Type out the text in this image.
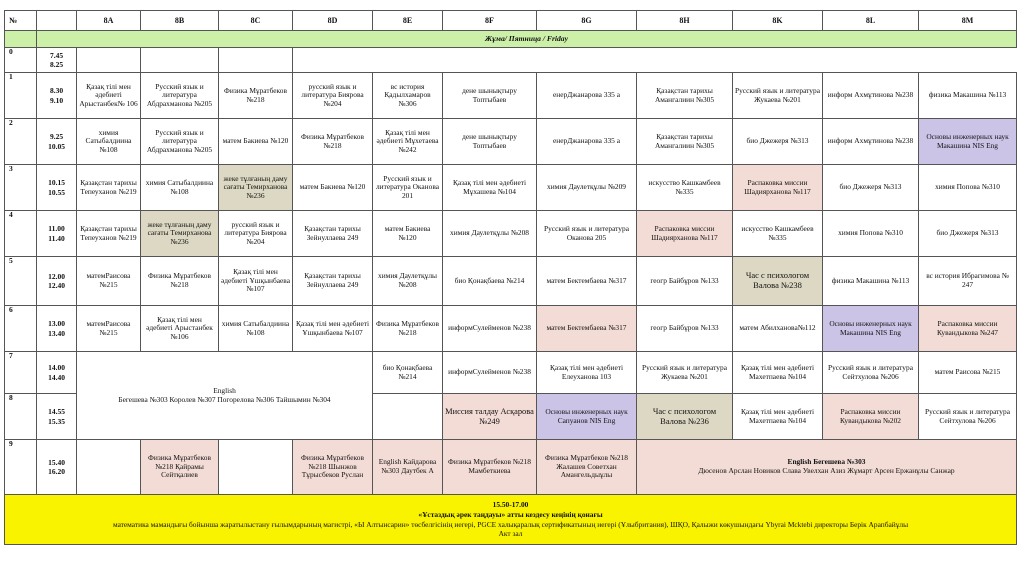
№		8A	8B	8C	8D	8E	8F	8G	8H	8K	8L	8M
	Жұма/ Пятница / Friday											
0	7.45
8.25											
1	8.30
9.10	Қазақ тілі мен әдебиеті Арыстанбек№ 106	Русский язык и литература Абдрахманова №205	Физика Мұратбеков №218	русский язык и литература Биярова №204	вс история Қадылхамаров №306	дене шынықтыру Топтыбаев	енерДжанарова 335 а	Қазақстан тарихы Амангалиин №305	Русский язык и литература Жукаева №201	информ Ахмұтинова №238	физика Макашина №113
2	9.25
10.05	химия Сатыбалдиина №108	Русский язык и литература Абдрахманова №205	матем Бакиева №120	Физика Мұратбеков №218	Қазақ тілі мен әдебиеті Мұхетаева №242	дене шынықтыру Топтыбаев	енерДжанарова 335 а	Қазақстан тарихы Амангалиин №305	био Джежеря №313	информ Ахмұтинова №238	Основы инженерных наук Макашина NIS Eng
3	10.15
10.55	Қазақстан тарихы Тепеуханов №219	химия Сатыбалдиина №108	жеке тұлғаның даму сағаты Темирханова №236	матем Бакиева №120	Русский язык и литература Оканова 201	Қазақ тілі мен әдебиеті Мұхашева №104	химия Даулетқұлы №209	искусство Кашкамбеев №335	Распаковка миссии Шадиярханова №117	био Джежеря №313	химия Попова №310
4	11.00
11.40	Қазақстан тарихы Тепеуханов №219	жеке тұлғаның даму сағаты Темирханова №236	русский язык и литература Биярова №204	Қазақстан тарихы Зейнуллаева 249	матем Бакиева №120	химия Даулетқұлы №208	Русский язык и литература Оканова 205	Распаковка миссии Шадиярханова №117	искусство Кашкамбеев №335	химия Попова №310	био Джежеря №313
5	12.00
12.40	матемРаисова №215	Физика Мұратбеков №218	Қазақ тілі мен әдебиеті Ұшқынбаева №107	Қазақстан тарихы Зейнуллаева 249	химия Даулетқұлы №208	био Қонақбаева №214	матем Бектембаева №317	геогр Байбұров №133	Час с психологом Валова №238	физика Макашина №113	вс история Ибрагимова № 247
6	13.00
13.40	матемРаисова №215	Қазақ тілі мен әдебиеті Арыстанбек №106	химия Сатыбалдиина №108	Қазақ тілі мен әдебиеті Ұшқынбаева №107	Физика Мұратбеков №218	информСулейменов №238	матем Бектембаева №317	геогр Байбұров №133	матем Абилханова№112	Основы инженерных наук Макашина NIS Eng	Распаковка миссии Кувандыкова №247
7	14.00
14.40	English
Бегешева №303 Королев №307 Погорелова №306 Тайшымин №304				био Қонақбаева №214	информСулейменов №238	Қазақ тілі мен әдебиеті Елеуханова 103	Русский язык и литература Жукаева №201	Қазақ тілі мен әдебиеті Махетпаева №104	Русский язык и литература Сейтхулова №206	матем Раисова №215
8	14.55
15.35						Миссия талдау Асқарова №249	Основы инженерных наук Сапуанов NIS Eng	Час с психологом Валова №236	Қазақ тілі мен әдебиеті Махетпаева №104	Распаковка миссии Кувандыкова №202	Русский язык и литература Сейтхулова №206
9	15.40
16.20		Физика Мұратбеков №218 Қайрамы Сейтқалиев		Физика Мұратбеков №218 Шынжов Тұрысбеков Руслан	English Кайдарова №303 Даутбек А	Физика Мұратбеков №218 Мамбеткиева	Физика Мұратбеков №218 Жалашев Советхан Амангельдыұлы	English Бегешева №303
Дюсенов Арслан Новиков Слава Увелхан Азиз Жұмарт Арсен Ержанұлы Санжар			

15.50-17.00
«Ұстаздық әрек таңдауы» атты кездесу кеңінің қонағы
математика мамандығы бойынша жаратылыстану ғылымдарының магистрі, «Ы Алтынсарин» төсбелгісінің иегері, PGCE халықаралық сертификатының иегері (Ұлыбритания), ШҚО, Қалыжи көкушындағы Ybyrai Mcktebi директоры Берік Арапбайұлы
Акт зал												
